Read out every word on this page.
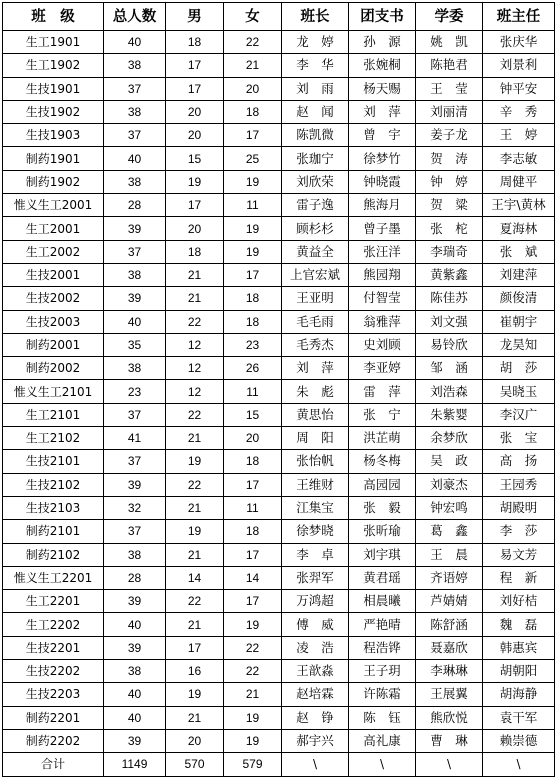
班　级	总人数	男	女	班长	团支书	学委	班主任
生工1901	40	18	22	龙　婷	孙　源	姚　凯	张庆华
生工1902	38	17	21	李　华	张婉桐	陈艳君	刘景利
生技1901	37	17	20	刘　雨	杨天赐	王　莹	钟平安
生技1902	38	20	18	赵　闻	刘　萍	刘丽清	辛　秀
生技1903	37	20	17	陈凯微	曾　宇	姜子龙	王　婷
制药1901	40	15	25	张珈宁	徐梦竹	贺　涛	李志敏
制药1902	38	19	19	刘欣荣	钟晓霞	钟　婷	周健平
惟义生工2001	28	17	11	雷子逸	熊海月	贺　粱	王宇\黄林
生工2001	39	20	19	顾杉杉	曾子墨	张　柁	夏海林
生工2002	37	18	19	黄益全	张汪洋	李瑞奇	张　斌
生技2001	38	21	17	上官宏斌	熊园翔	黄紫鑫	刘建萍
生技2002	39	21	18	王亚明	付智莹	陈佳苏	颜俊清
生技2003	40	22	18	毛毛雨	翁雅萍	刘文强	崔朝宇
制药2001	35	12	23	毛秀杰	史刘顾	易铃欣	龙昊知
制药2002	38	12	26	刘　萍	李亚婷	邹　涵	胡　莎
惟义生工2101	23	12	11	朱　彪	雷　萍	刘浩森	吴晓玉
生工2101	37	22	15	黄思怡	张　宁	朱紫婴	李汉广
生工2102	41	21	20	周　阳	洪芷萌	余梦欣	张　宝
生技2101	37	19	18	张怡帆	杨冬梅	吴　政	高　扬
生技2102	39	22	17	王维财	高园园	刘豪杰	王园秀
生技2103	32	21	11	江集宝	张　毅	钟宏鸣	胡殿明
制药2101	37	19	18	徐梦晓	张昕瑜	葛　鑫	李　莎
制药2102	38	21	17	李　卓	刘宇琪	王　晨	易文芳
惟义生工2201	28	14	14	张羿军	黄君瑶	齐语婷	程　新
生工2201	39	22	17	万鸿超	相晨曦	芦婧婧	刘好桔
生工2202	40	21	19	傅　威	严艳晴	陈舒涵	魏　磊
生技2201	39	17	22	凌　浩	程浩铧	聂嘉欣	韩惠宾
生技2202	38	16	22	王歆淼	王子玥	李琳琳	胡朝阳
生技2203	40	19	21	赵培霖	许陈霜	王展翼	胡海静
制药2201	40	21	19	赵　铮	陈　钰	熊欣悦	袁干军
制药2202	39	20	19	郝宇兴	高礼康	曹　琳	赖崇德
合计	1149	570	579	\	\	\	\
